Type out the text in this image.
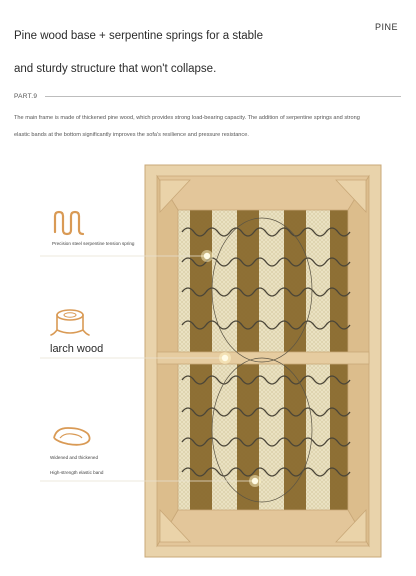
PINE
Pine wood base + serpentine springs for a stable
and sturdy structure that won't collapse.
PART.9
The main frame is made of thickened pine wood, which provides strong load-bearing capacity. The addition of serpentine springs and strong
elastic bands at the bottom significantly improves the sofa's resilience and pressure resistance.
Precision steel serpentine tension spring
larch wood
Widened and thickened
High-strength elastic band
